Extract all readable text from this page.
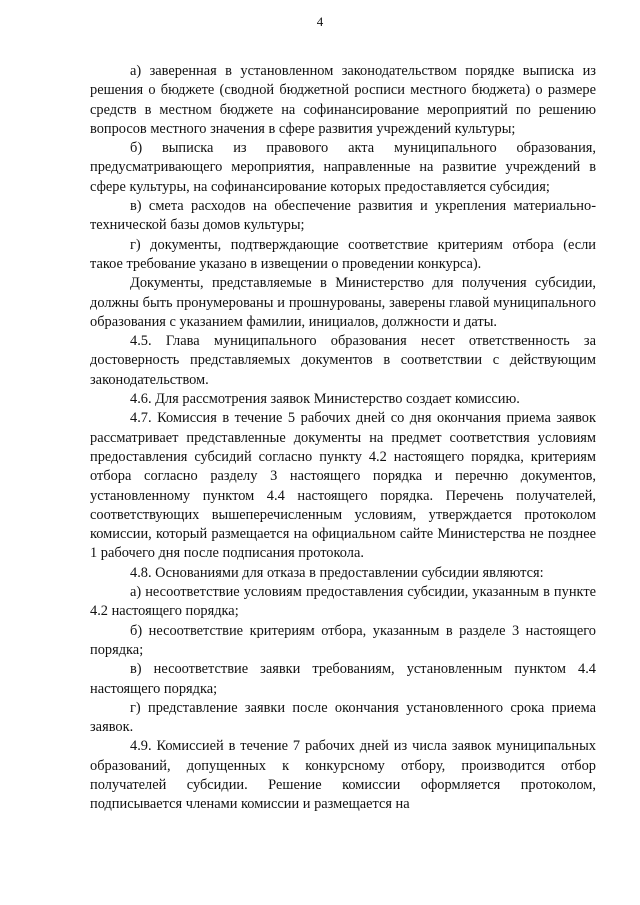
4

а) заверенная в установленном законодательством порядке выписка из решения о бюджете (сводной бюджетной росписи местного бюджета) о размере средств в местном бюджете на софинансирование мероприятий по решению вопросов местного значения в сфере развития учреждений культуры;

б) выписка из правового акта муниципального образования, предусматривающего мероприятия, направленные на развитие учреждений в сфере культуры, на софинансирование которых предоставляется субсидия;

в) смета расходов на обеспечение развития и укрепления материально-технической базы домов культуры;

г) документы, подтверждающие соответствие критериям отбора (если такое требование указано в извещении о проведении конкурса).

Документы, представляемые в Министерство для получения субсидии, должны быть пронумерованы и прошнурованы, заверены главой муниципального образования с указанием фамилии, инициалов, должности и даты.

4.5. Глава муниципального образования несет ответственность за достоверность представляемых документов в соответствии с действующим законодательством.

4.6. Для рассмотрения заявок Министерство создает комиссию.

4.7. Комиссия в течение 5 рабочих дней со дня окончания приема заявок рассматривает представленные документы на предмет соответствия условиям предоставления субсидий согласно пункту 4.2 настоящего порядка, критериям отбора согласно разделу 3 настоящего порядка и перечню документов, установленному пунктом 4.4 настоящего порядка. Перечень получателей, соответствующих вышеперечисленным условиям, утверждается протоколом комиссии, который размещается на официальном сайте Министерства не позднее 1 рабочего дня после подписания протокола.

4.8. Основаниями для отказа в предоставлении субсидии являются:

а) несоответствие условиям предоставления субсидии, указанным в пункте 4.2 настоящего порядка;

б) несоответствие критериям отбора, указанным в разделе 3 настоящего порядка;

в) несоответствие заявки требованиям, установленным пунктом 4.4 настоящего порядка;

г) представление заявки после окончания установленного срока приема заявок.

4.9. Комиссией в течение 7 рабочих дней из числа заявок муниципальных образований, допущенных к конкурсному отбору, производится отбор получателей субсидии. Решение комиссии оформляется протоколом, подписывается членами комиссии и размещается на
